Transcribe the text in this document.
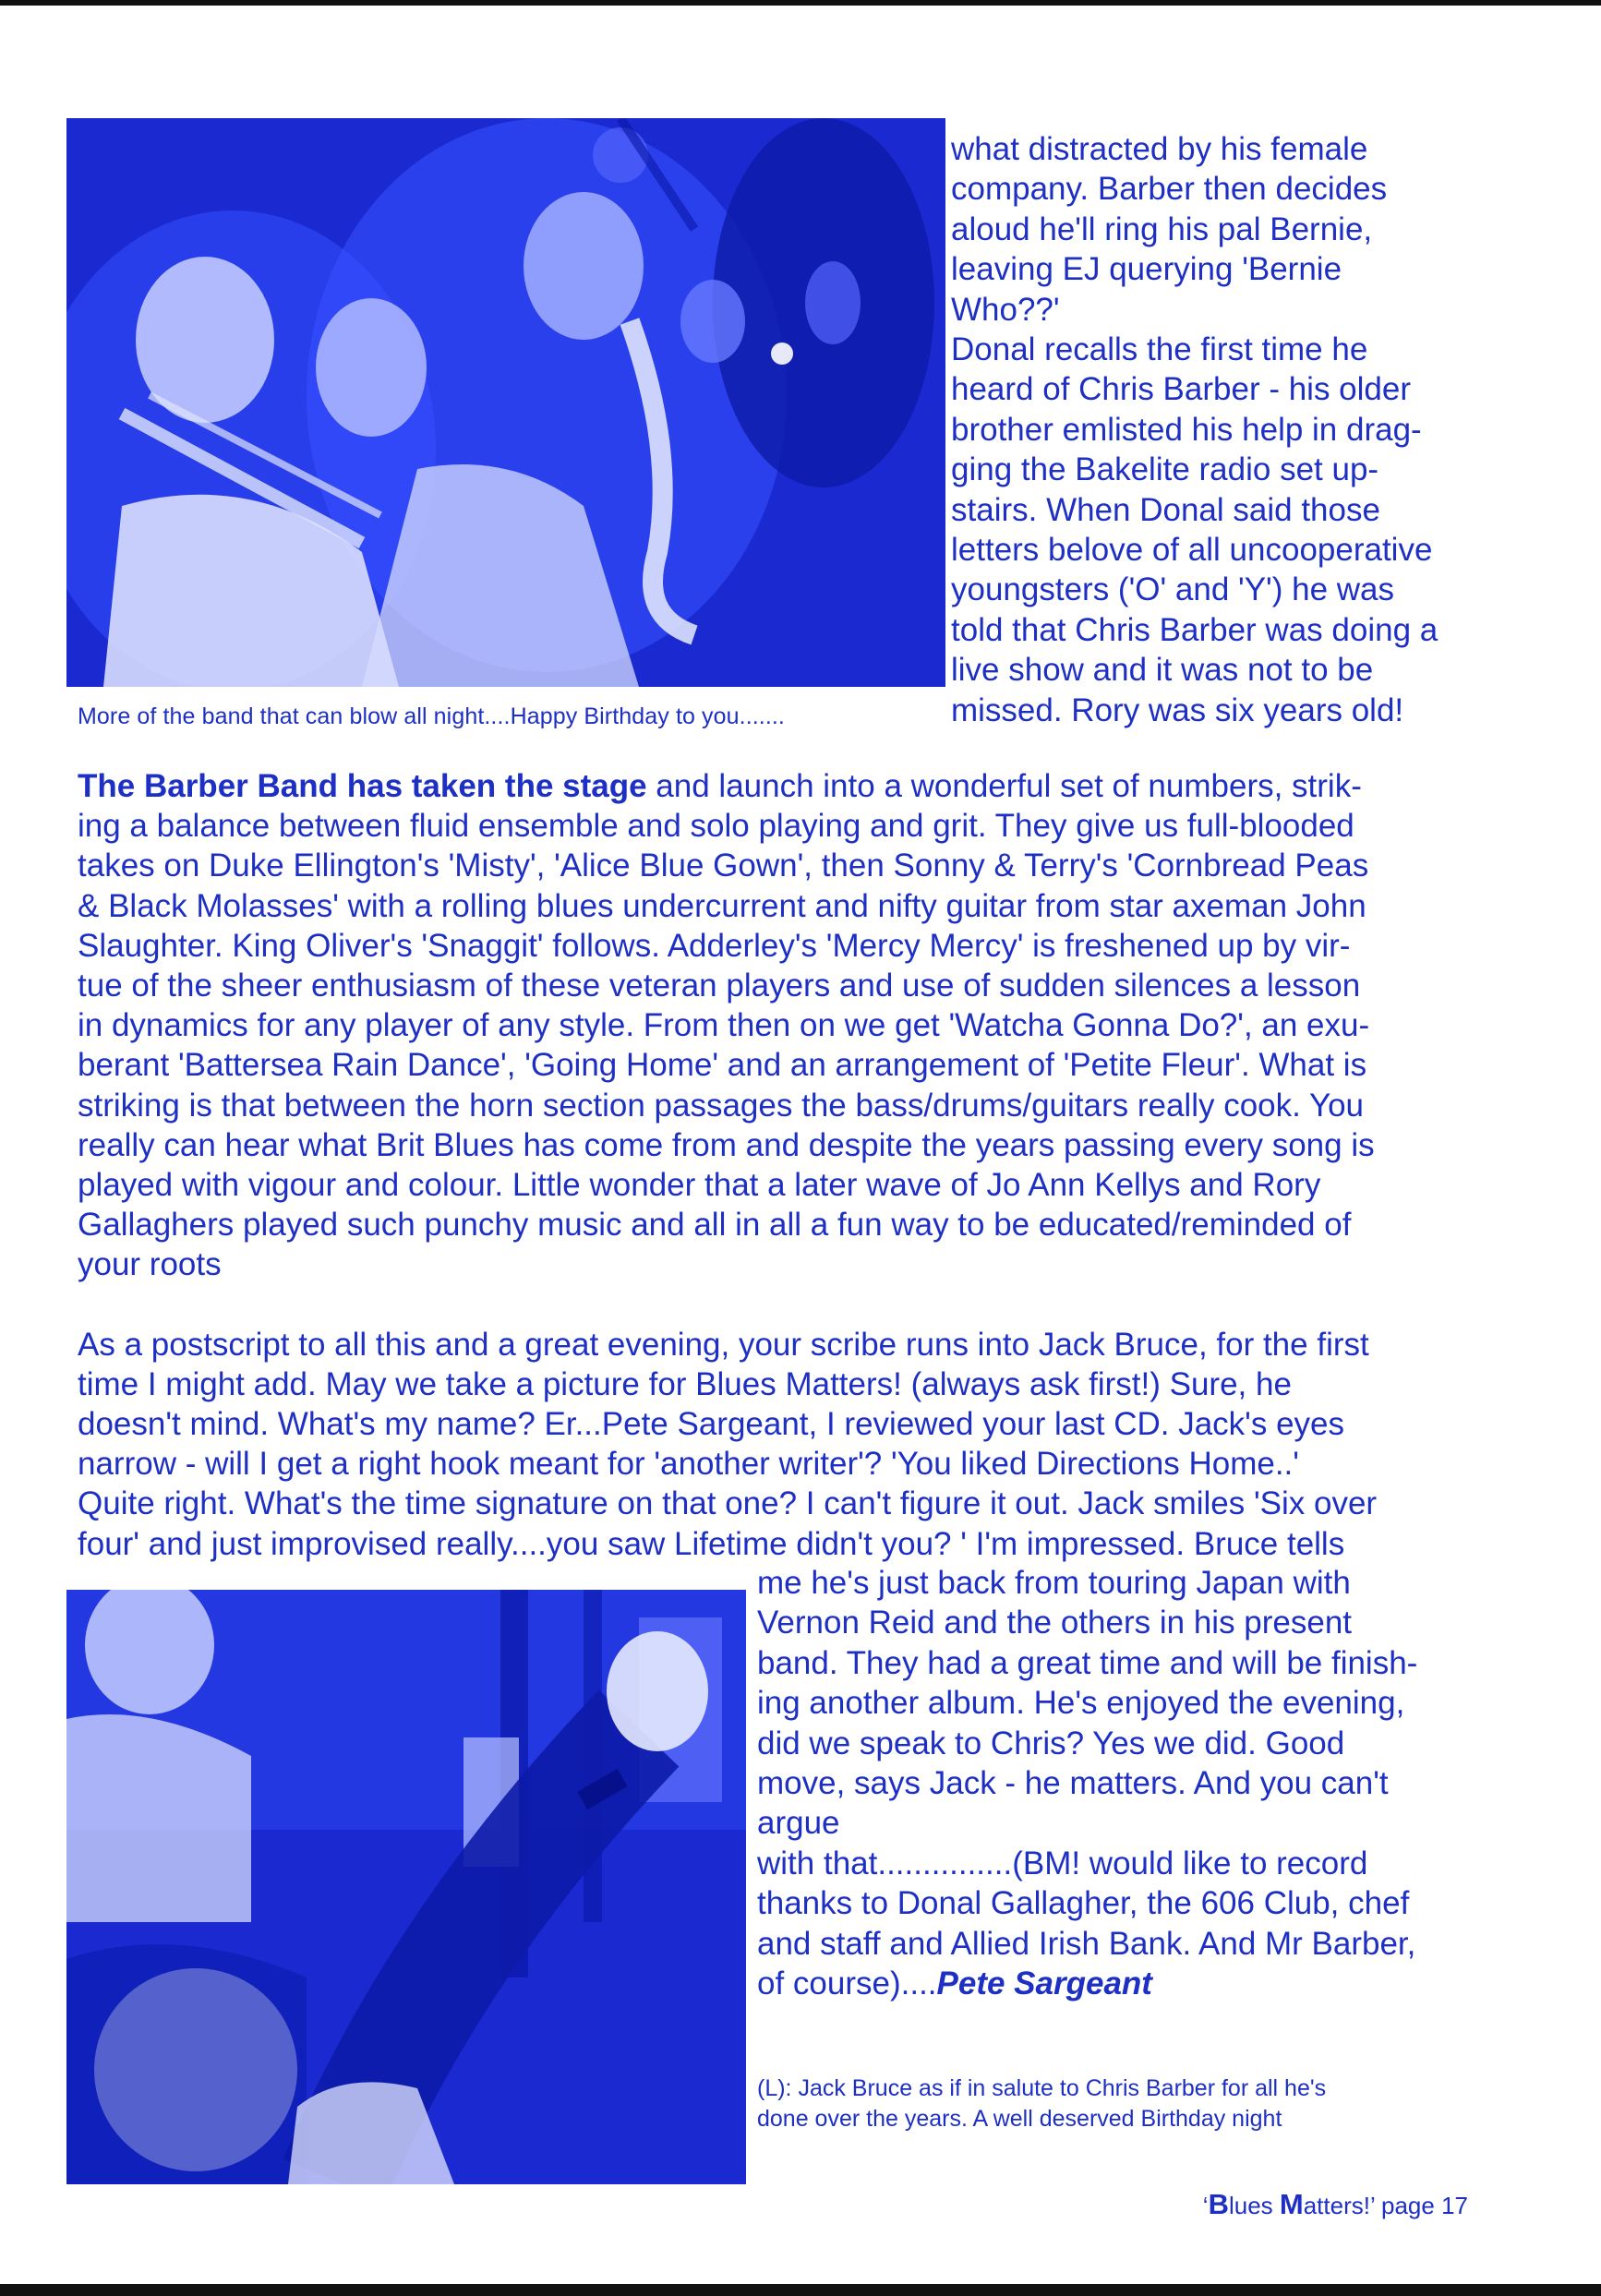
More of the band that can blow all night....Happy Birthday to you.......

what distracted by his female

company. Barber then decides

aloud he'll ring his pal Bernie,

leaving EJ querying 'Bernie

Who??'

Donal recalls the first time he

heard of Chris Barber - his older

brother emlisted his help in drag-

ging the Bakelite radio set up-

stairs. When Donal said those

letters belove of all uncooperative

youngsters ('O' and 'Y') he was

told that Chris Barber was doing a

live show and it was not to be

missed. Rory was six years old!

The Barber Band has taken the stage and launch into a wonderful set of numbers, strik-

ing a balance between fluid ensemble and solo playing and grit. They give us full-blooded

takes on Duke Ellington's 'Misty', 'Alice Blue Gown', then Sonny & Terry's 'Cornbread Peas

& Black Molasses' with a rolling blues undercurrent and nifty guitar from star axeman John

Slaughter. King Oliver's 'Snaggit' follows. Adderley's 'Mercy Mercy' is freshened up by vir-

tue of the sheer enthusiasm of these veteran players and use of sudden silences a lesson

in dynamics for any player of any style. From then on we get 'Watcha Gonna Do?', an exu-

berant 'Battersea Rain Dance', 'Going Home' and an arrangement of 'Petite Fleur'. What is

striking is that between the horn section passages the bass/drums/guitars really cook. You

really can hear what Brit Blues has come from and despite the years passing every song is

played with vigour and colour. Little wonder that a later wave of Jo Ann Kellys and Rory

Gallaghers played such punchy music and all in all a fun way to be educated/reminded of

your roots

As a postscript to all this and a great evening, your scribe runs into Jack Bruce, for the first

time I might add. May we take a picture for Blues Matters! (always ask first!) Sure, he

doesn't mind. What's my name? Er...Pete Sargeant, I reviewed your last CD. Jack's eyes

narrow - will I get a right hook meant for 'another writer'? 'You liked Directions Home..'

Quite right. What's the time signature on that one? I can't figure it out. Jack smiles 'Six over

four' and just improvised really....you saw Lifetime didn't you? ' I'm impressed. Bruce tells

me he's just back from touring Japan with

Vernon Reid and the others in his present

band. They had a great time and will be finish-

ing another album. He's enjoyed the evening,

did we speak to Chris? Yes we did. Good

move, says Jack - he matters. And you can't

argue

with that...............(BM! would like to record

thanks to Donal Gallagher, the 606 Club, chef

and staff and Allied Irish Bank. And Mr Barber,

of course)....Pete Sargeant

(L): Jack Bruce as if in salute to Chris Barber for all he's
done over the years. A well deserved Birthday night
‘Blues Matters!’ page 17
